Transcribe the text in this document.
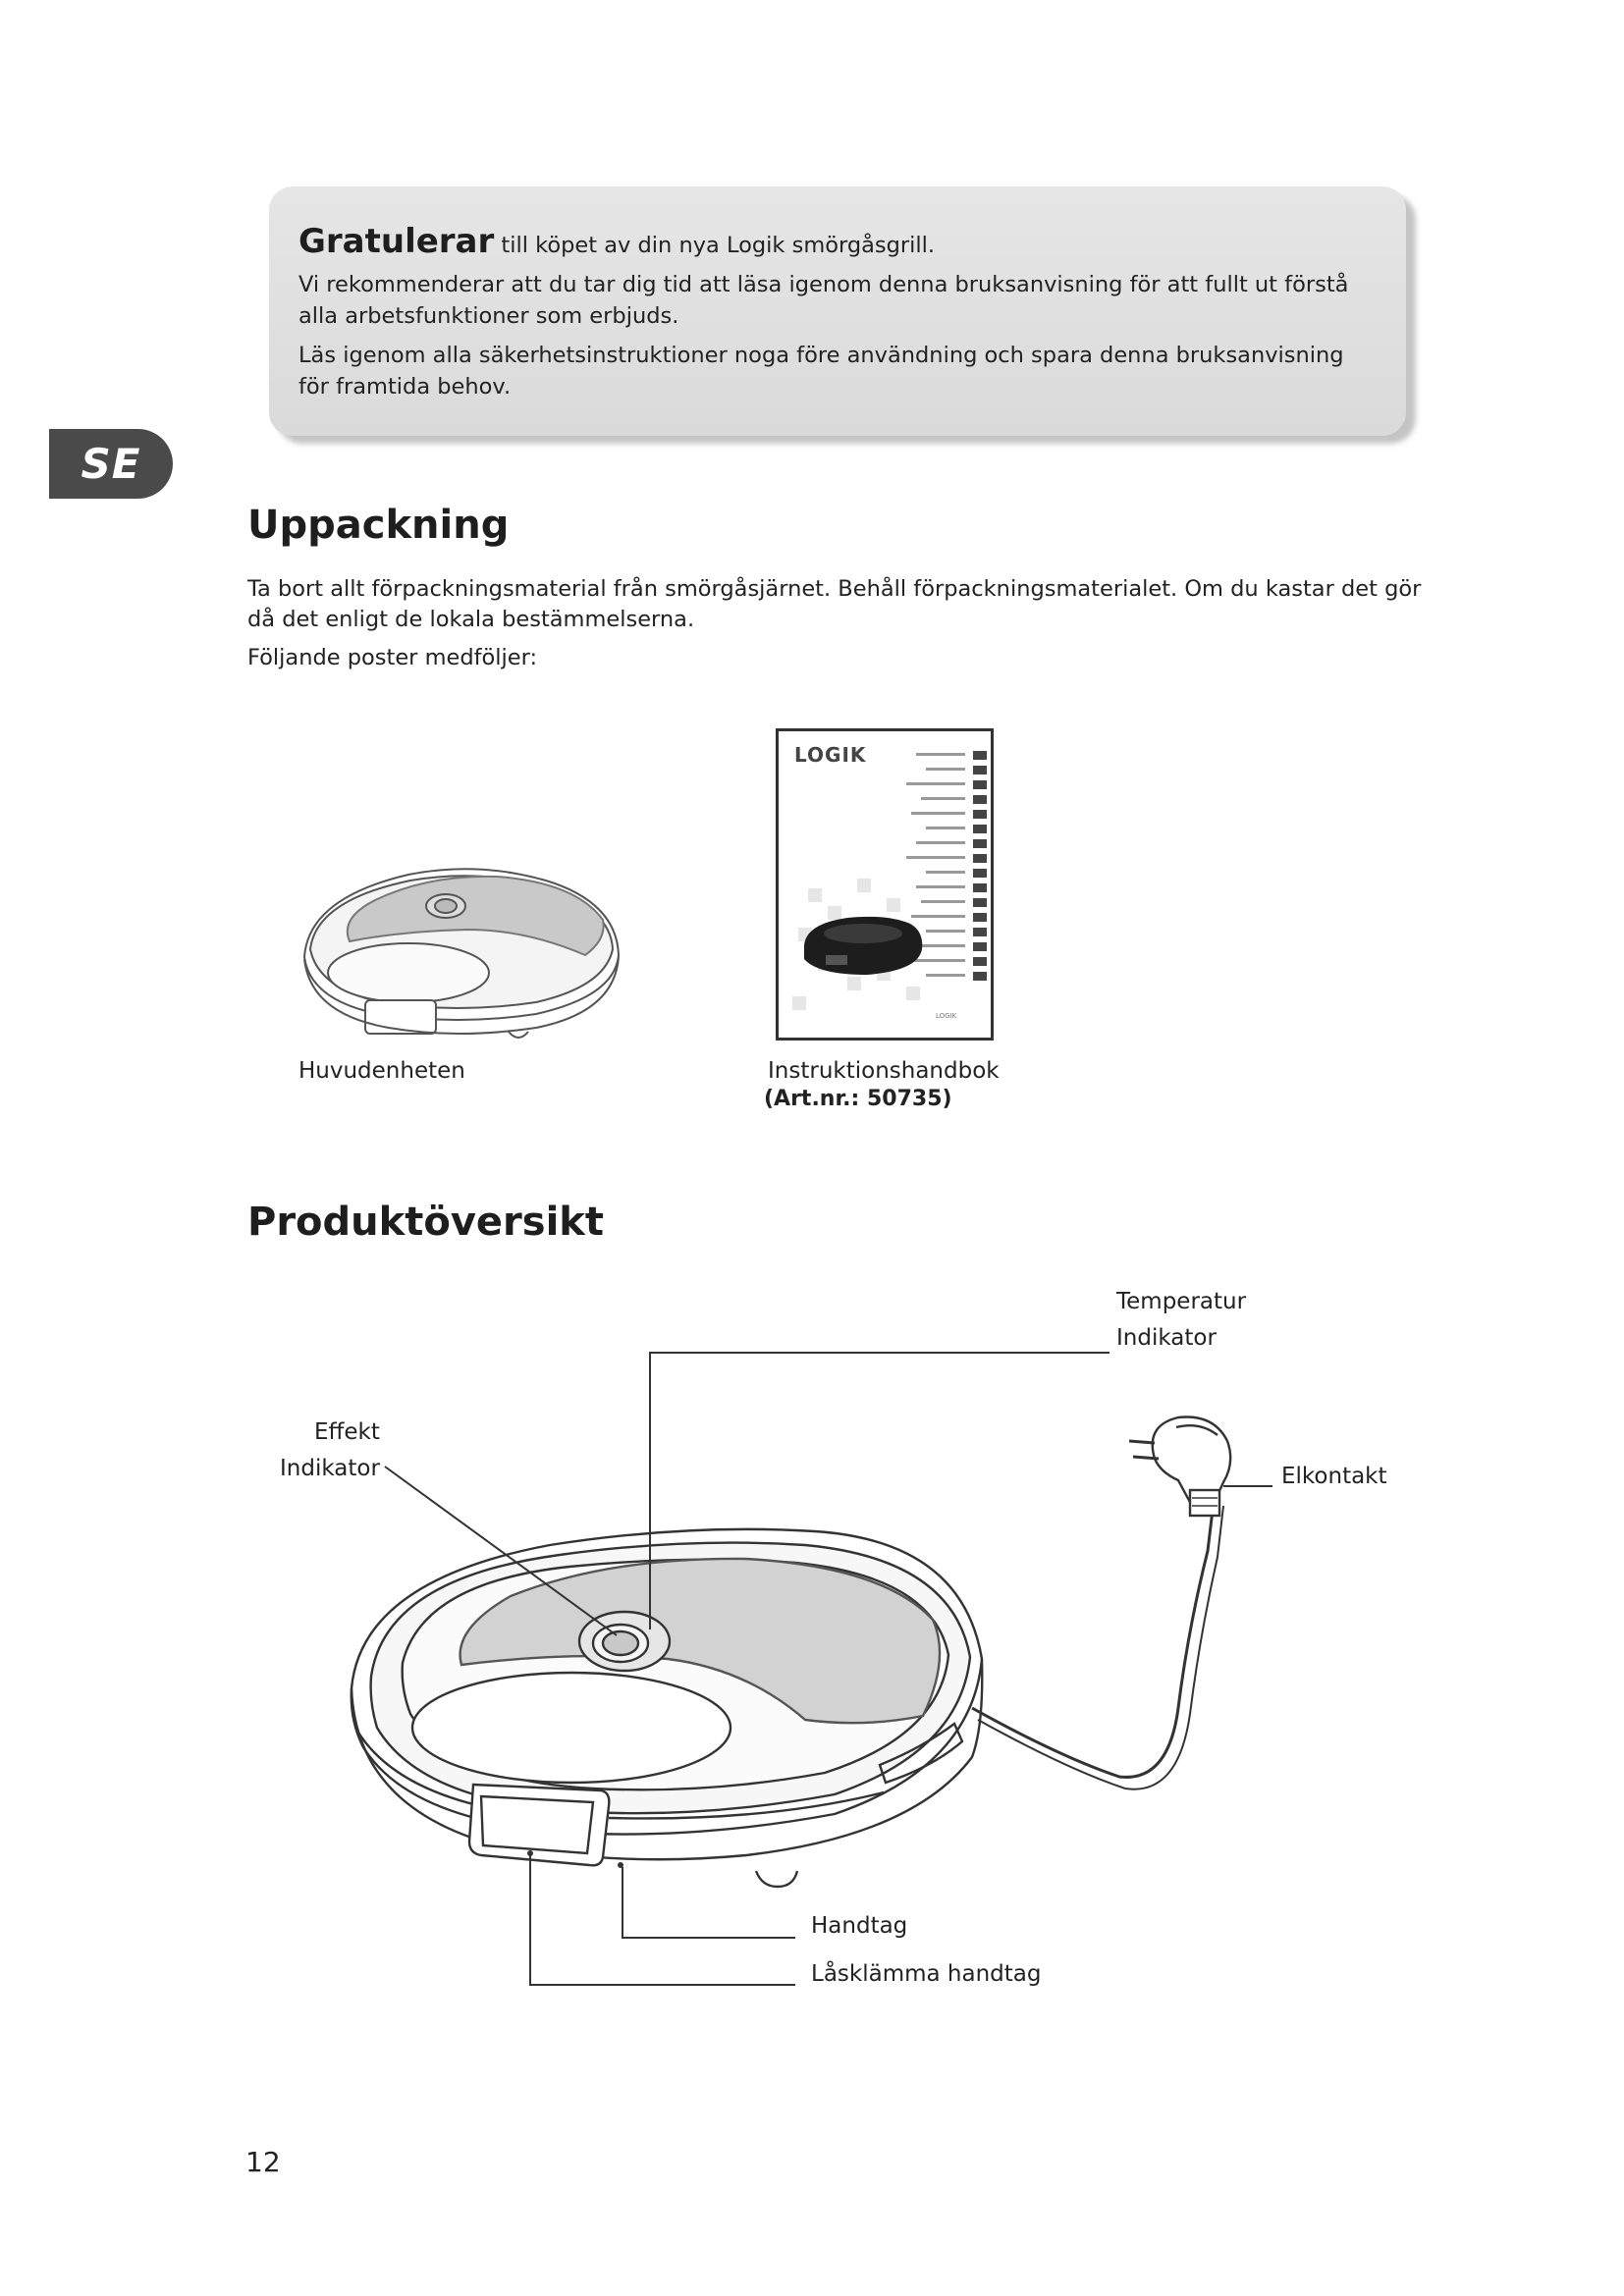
SE

Gratulerar till köpet av din nya Logik smörgåsgrill.

Vi rekommenderar att du tar dig tid att läsa igenom denna bruksanvisning för att fullt ut förstå alla arbetsfunktioner som erbjuds.

Läs igenom alla säkerhetsinstruktioner noga före användning och spara denna bruksanvisning för framtida behov.

Uppackning

Ta bort allt förpackningsmaterial från smörgåsjärnet. Behåll förpackningsmaterialet. Om du kastar det gör då det enligt de lokala bestämmelserna.

Följande poster medföljer:

Huvudenheten
LOGIK
LOGIK
Instruktionshandbok
(Art.nr.: 50735)
Produktöversikt
Temperatur
Indikator
Effekt
Indikator	Elkontakt
Handtag
Låsklämma handtag
12
